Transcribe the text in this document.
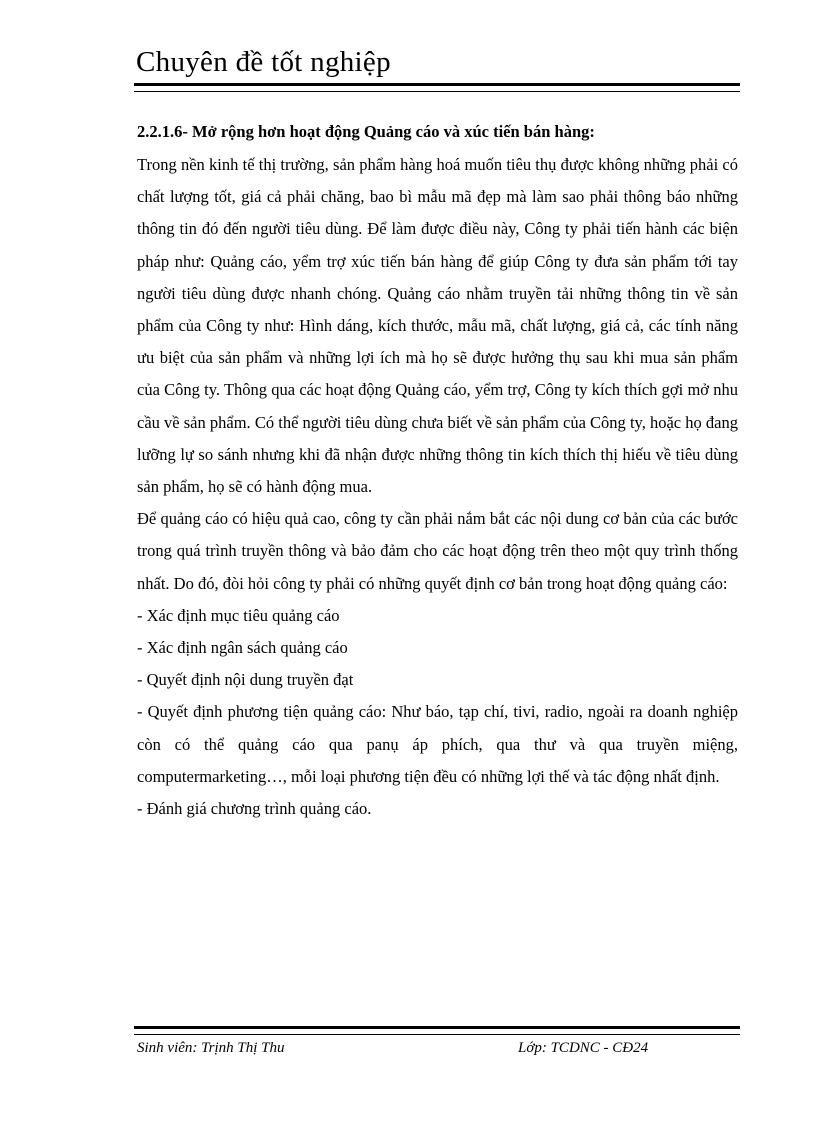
Chuyên đề tốt nghiệp
2.2.1.6- Mở rộng hơn hoạt động Quảng cáo và xúc tiến bán hàng:

Trong nền kinh tế thị trường, sản phẩm hàng hoá muốn tiêu thụ được không những phải có chất lượng tốt, giá cả phải chăng, bao bì mẫu mã đẹp mà làm sao phải thông báo những thông tin đó đến người tiêu dùng. Để làm được điều này, Công ty phải tiến hành các biện pháp như: Quảng cáo, yểm trợ xúc tiến bán hàng để giúp Công ty đưa sản phẩm tới tay người tiêu dùng được nhanh chóng. Quảng cáo nhằm truyền tải những thông tin về sản phẩm của Công ty như: Hình dáng, kích thước, mẫu mã, chất lượng, giá cả, các tính năng ưu biệt của sản phẩm và những lợi ích mà họ sẽ được hưởng thụ sau khi mua sản phẩm của Công ty. Thông qua các hoạt động Quảng cáo, yểm trợ, Công ty kích thích gợi mở nhu cầu về sản phẩm. Có thể người tiêu dùng chưa biết về sản phẩm của Công ty, hoặc họ đang lưỡng lự so sánh nhưng khi đã nhận được những thông tin kích thích thị hiếu về tiêu dùng sản phẩm, họ sẽ có hành động mua.

Để quảng cáo có hiệu quả cao, công ty cần phải nắm bắt các nội dung cơ bản của các bước trong quá trình truyền thông và bảo đảm cho các hoạt động trên theo một quy trình thống nhất. Do đó, đòi hỏi công ty phải có những quyết định cơ bản trong hoạt động quảng cáo:

- Xác định mục tiêu quảng cáo

- Xác định ngân sách quảng cáo

- Quyết định nội dung truyền đạt

- Quyết định phương tiện quảng cáo: Như báo, tạp chí, tivi, radio, ngoài ra doanh nghiệp còn có thể quảng cáo qua panụ áp phích, qua thư và qua truyền miệng, computermarketing…, mỗi loại phương tiện đều có những lợi thế và tác động nhất định.

- Đánh giá chương trình quảng cáo.

Sinh viên: Trịnh Thị Thu	Lớp: TCDNC - CĐ24
